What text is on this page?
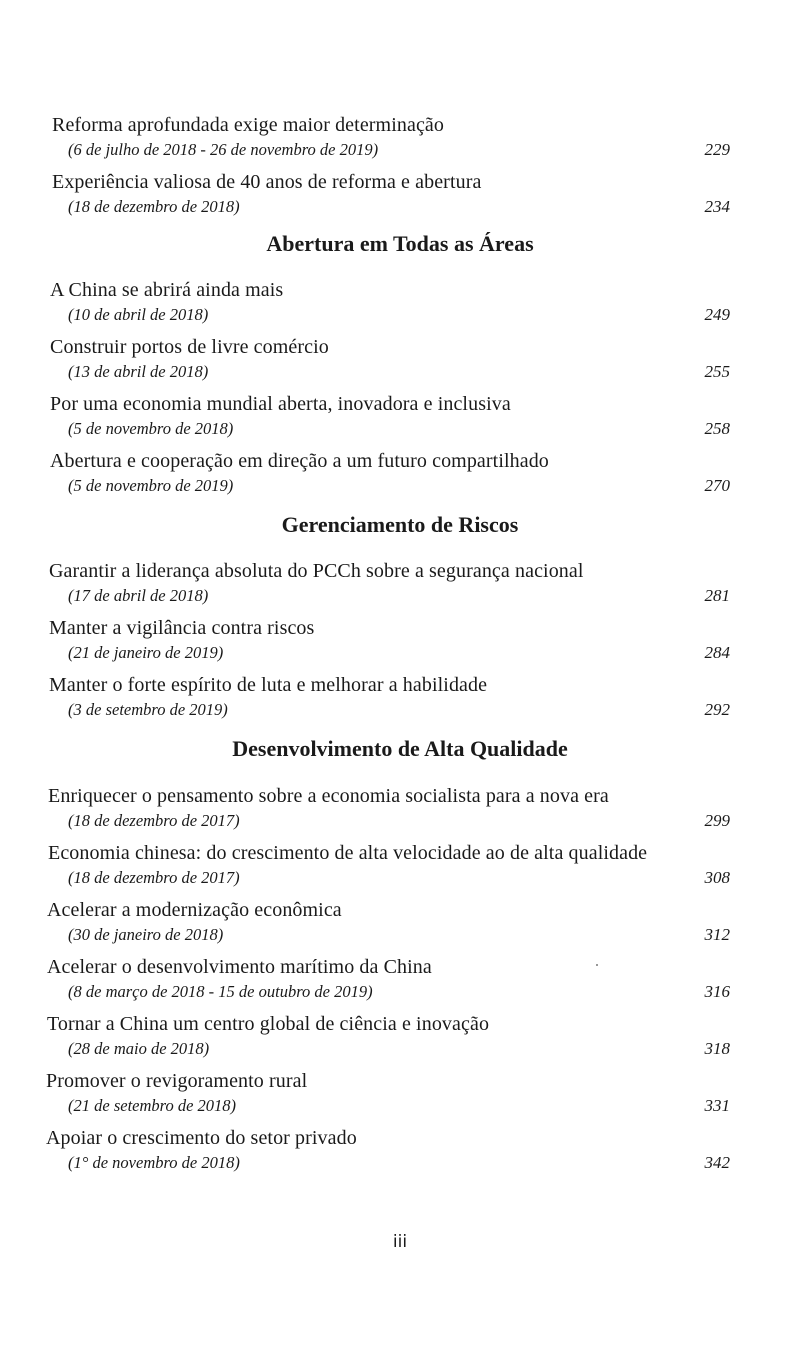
Reforma aprofundada exige maior determinação
(6 de julho de 2018 - 26 de novembro de 2019)	229
Experiência valiosa de 40 anos de reforma e abertura
(18 de dezembro de 2018)	234
Abertura em Todas as Áreas
A China se abrirá ainda mais
(10 de abril de 2018)	249
Construir portos de livre comércio
(13 de abril de 2018)	255
Por uma economia mundial aberta, inovadora e inclusiva
(5 de novembro de 2018)	258
Abertura e cooperação em direção a um futuro compartilhado
(5 de novembro de 2019)	270
Gerenciamento de Riscos
Garantir a liderança absoluta do PCCh sobre a segurança nacional
(17 de abril de 2018)	281
Manter a vigilância contra riscos
(21 de janeiro de 2019)	284
Manter o forte espírito de luta e melhorar a habilidade
(3 de setembro de 2019)	292
Desenvolvimento de Alta Qualidade
Enriquecer o pensamento sobre a economia socialista para a nova era
(18 de dezembro de 2017)	299
Economia chinesa: do crescimento de alta velocidade ao de alta qualidade
(18 de dezembro de 2017)	308
Acelerar a modernização econômica
(30 de janeiro de 2018)	312
Acelerar o desenvolvimento marítimo da China
(8 de março de 2018 - 15 de outubro de 2019)	316
Tornar a China um centro global de ciência e inovação
(28 de maio de 2018)	318
Promover o revigoramento rural
(21 de setembro de 2018)	331
Apoiar o crescimento do setor privado
(1° de novembro de 2018)	342
iii
